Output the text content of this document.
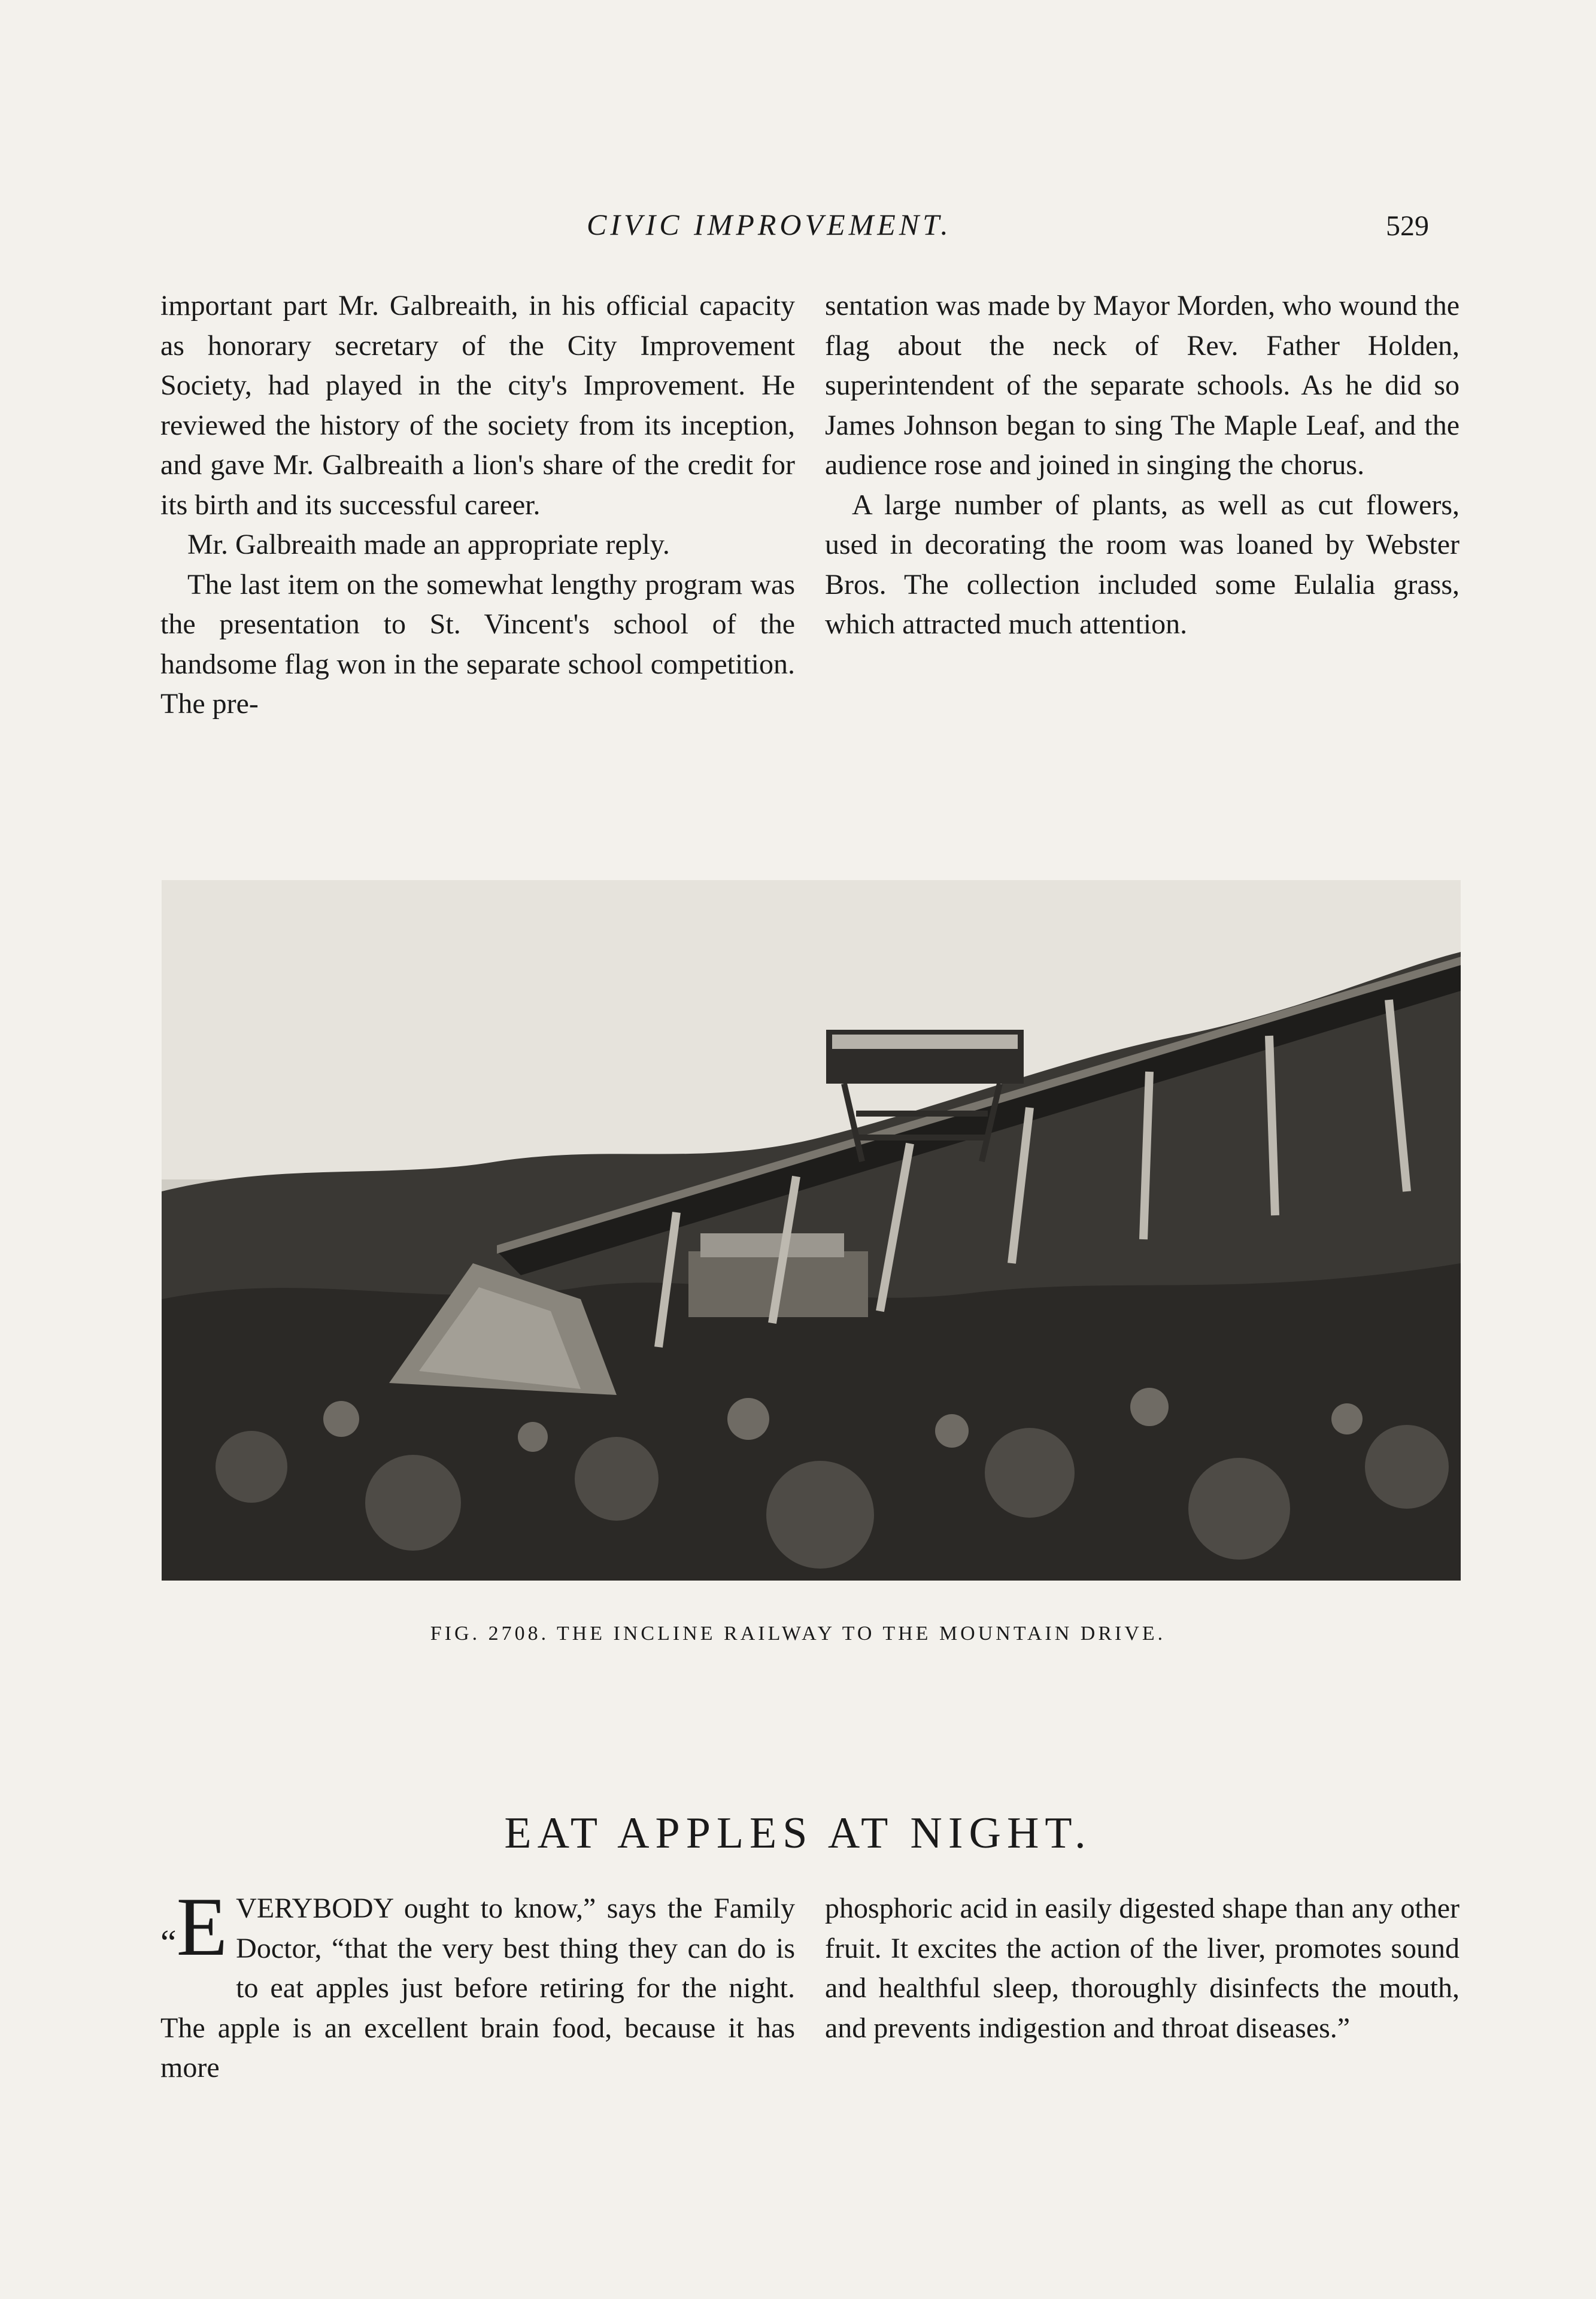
CIVIC IMPROVEMENT.	529

important part Mr. Galbreaith, in his official capacity as honorary secretary of the City Improvement Society, had played in the city's Improvement. He reviewed the history of the society from its inception, and gave Mr. Galbreaith a lion's share of the credit for its birth and its successful career.

Mr. Galbreaith made an appropriate reply.

The last item on the somewhat lengthy program was the presentation to St. Vincent's school of the handsome flag won in the separate school competition. The pre-

sentation was made by Mayor Morden, who wound the flag about the neck of Rev. Father Holden, superintendent of the separate schools. As he did so James Johnson began to sing The Maple Leaf, and the audience rose and joined in singing the chorus.

A large number of plants, as well as cut flowers, used in decorating the room was loaned by Webster Bros. The collection included some Eulalia grass, which attracted much attention.

FIG. 2708. THE INCLINE RAILWAY TO THE MOUNTAIN DRIVE.
EAT APPLES AT NIGHT.

“E VERYBODY ought to know,” says the Family Doctor, “that the very best thing they can do is to eat apples just before retiring for the night. The apple is an excellent brain food, because it has more

phosphoric acid in easily digested shape than any other fruit. It excites the action of the liver, promotes sound and healthful sleep, thoroughly disinfects the mouth, and prevents indigestion and throat diseases.”
